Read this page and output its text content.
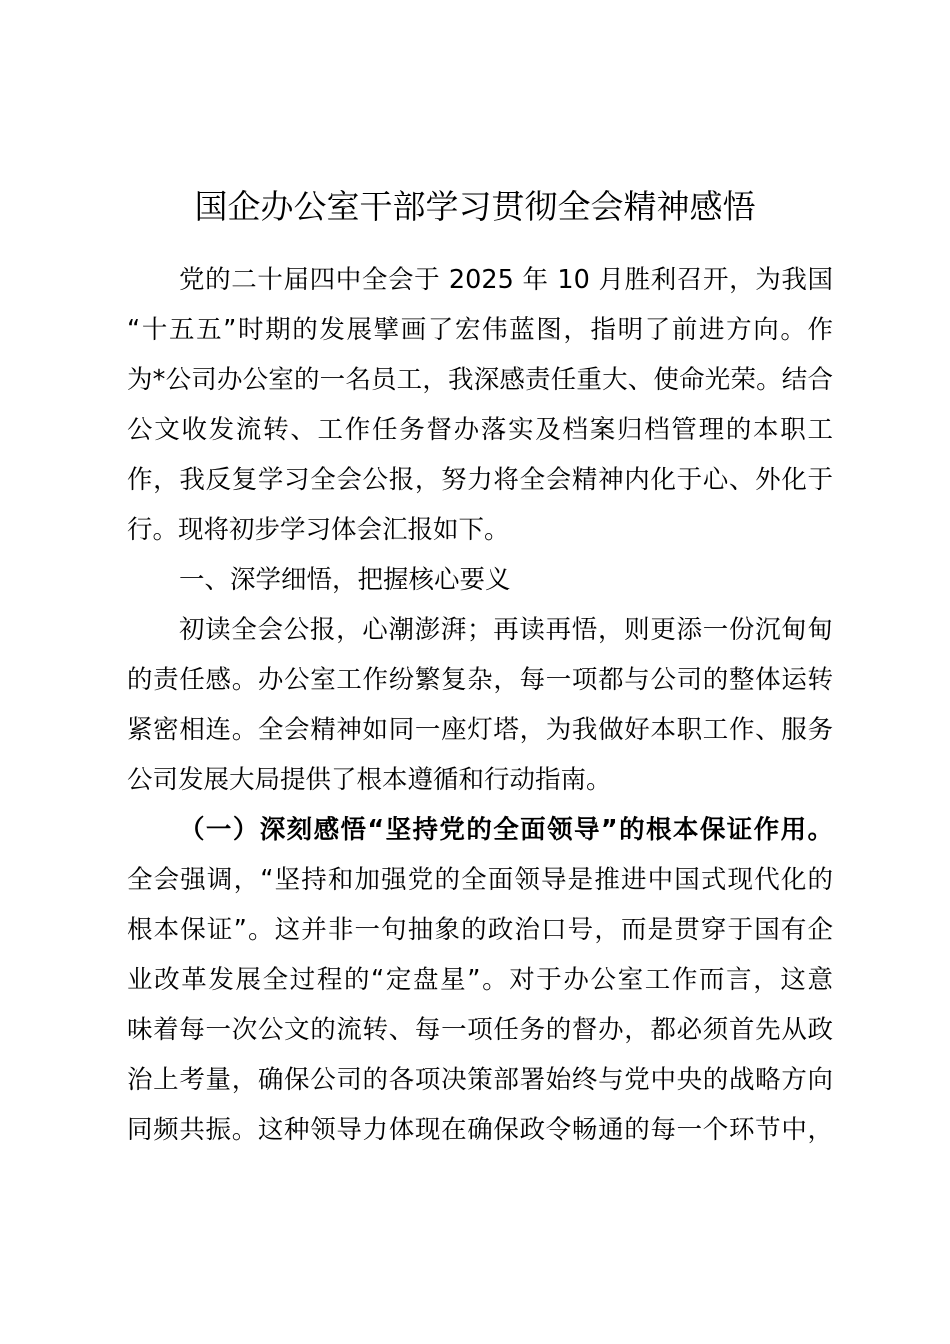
国企办公室干部学习贯彻全会精神感悟
党的二十届四中全会于 2025 年 10 月胜利召开，为我国
“十五五”时期的发展擘画了宏伟蓝图，指明了前进方向。作
为*公司办公室的一名员工，我深感责任重大、使命光荣。结合
公文收发流转、工作任务督办落实及档案归档管理的本职工
作，我反复学习全会公报，努力将全会精神内化于心、外化于
行。现将初步学习体会汇报如下。
一、深学细悟，把握核心要义
初读全会公报，心潮澎湃；再读再悟，则更添一份沉甸甸
的责任感。办公室工作纷繁复杂，每一项都与公司的整体运转
紧密相连。全会精神如同一座灯塔，为我做好本职工作、服务
公司发展大局提供了根本遵循和行动指南。
（一）深刻感悟“坚持党的全面领导”的根本保证作用。
全会强调，“坚持和加强党的全面领导是推进中国式现代化的
根本保证”。这并非一句抽象的政治口号，而是贯穿于国有企
业改革发展全过程的“定盘星”。对于办公室工作而言，这意
味着每一次公文的流转、每一项任务的督办，都必须首先从政
治上考量，确保公司的各项决策部署始终与党中央的战略方向
同频共振。这种领导力体现在确保政令畅通的每一个环节中，
